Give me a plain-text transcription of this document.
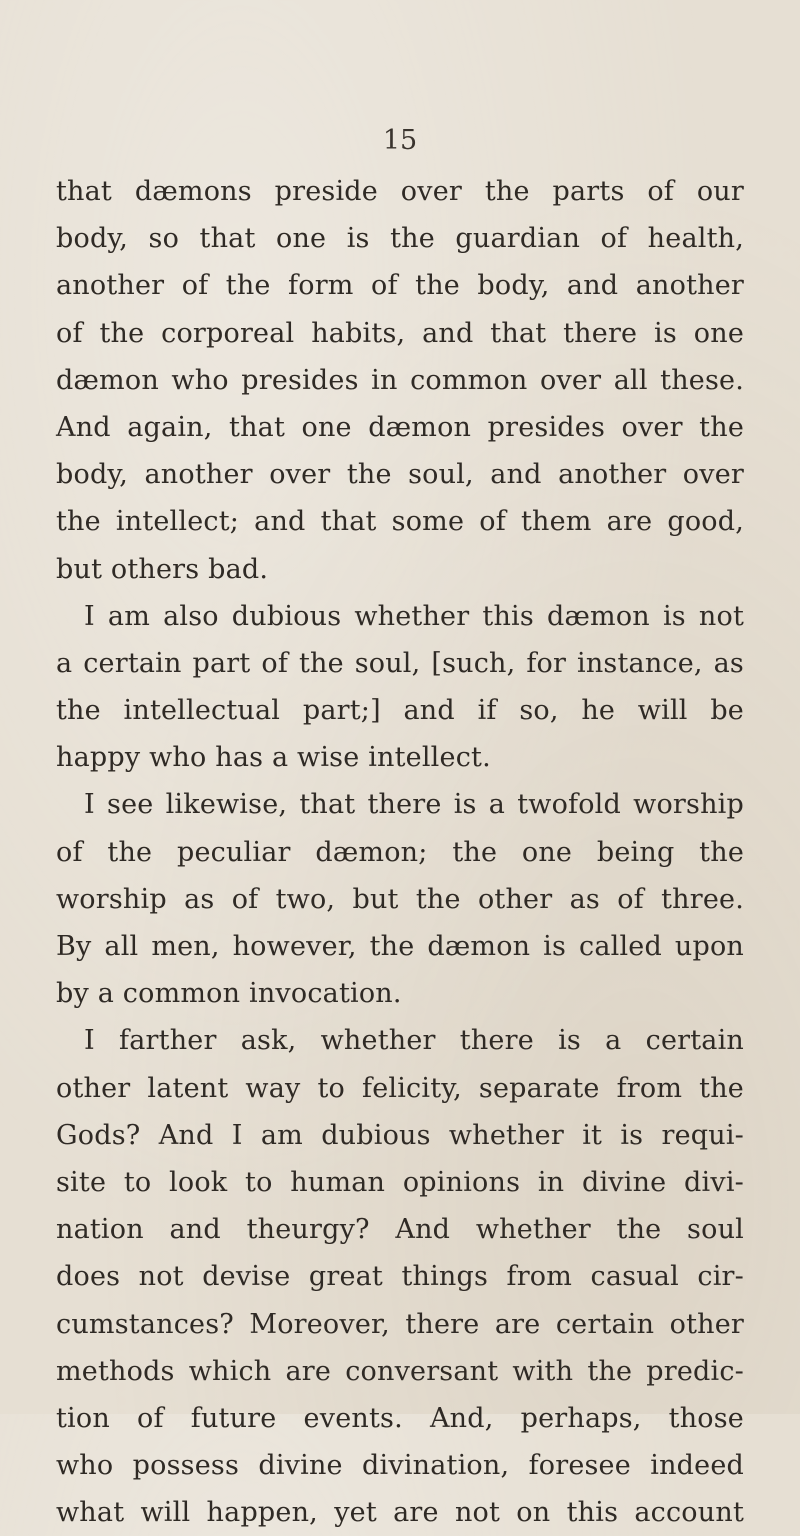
15
that dæmons preside over the parts of our
body, so that one is the guardian of health,
another of the form of the body, and another
of the corporeal habits, and that there is one
dæmon who presides in common over all these.
And again, that one dæmon presides over the
body, another over the soul, and another over
the intellect; and that some of them are good,
but others bad.
I am also dubious whether this dæmon is not
a certain part of the soul, [such, for instance, as
the intellectual part;] and if so, he will be
happy who has a wise intellect.
I see likewise, that there is a twofold worship
of the peculiar dæmon; the one being the
worship as of two, but the other as of three.
By all men, however, the dæmon is called upon
by a common invocation.
I farther ask, whether there is a certain
other latent way to felicity, separate from the
Gods? And I am dubious whether it is requi-
site to look to human opinions in divine divi-
nation and theurgy? And whether the soul
does not devise great things from casual cir-
cumstances? Moreover, there are certain other
methods which are conversant with the predic-
tion of future events. And, perhaps, those
who possess divine divination, foresee indeed
what will happen, yet are not on this account
